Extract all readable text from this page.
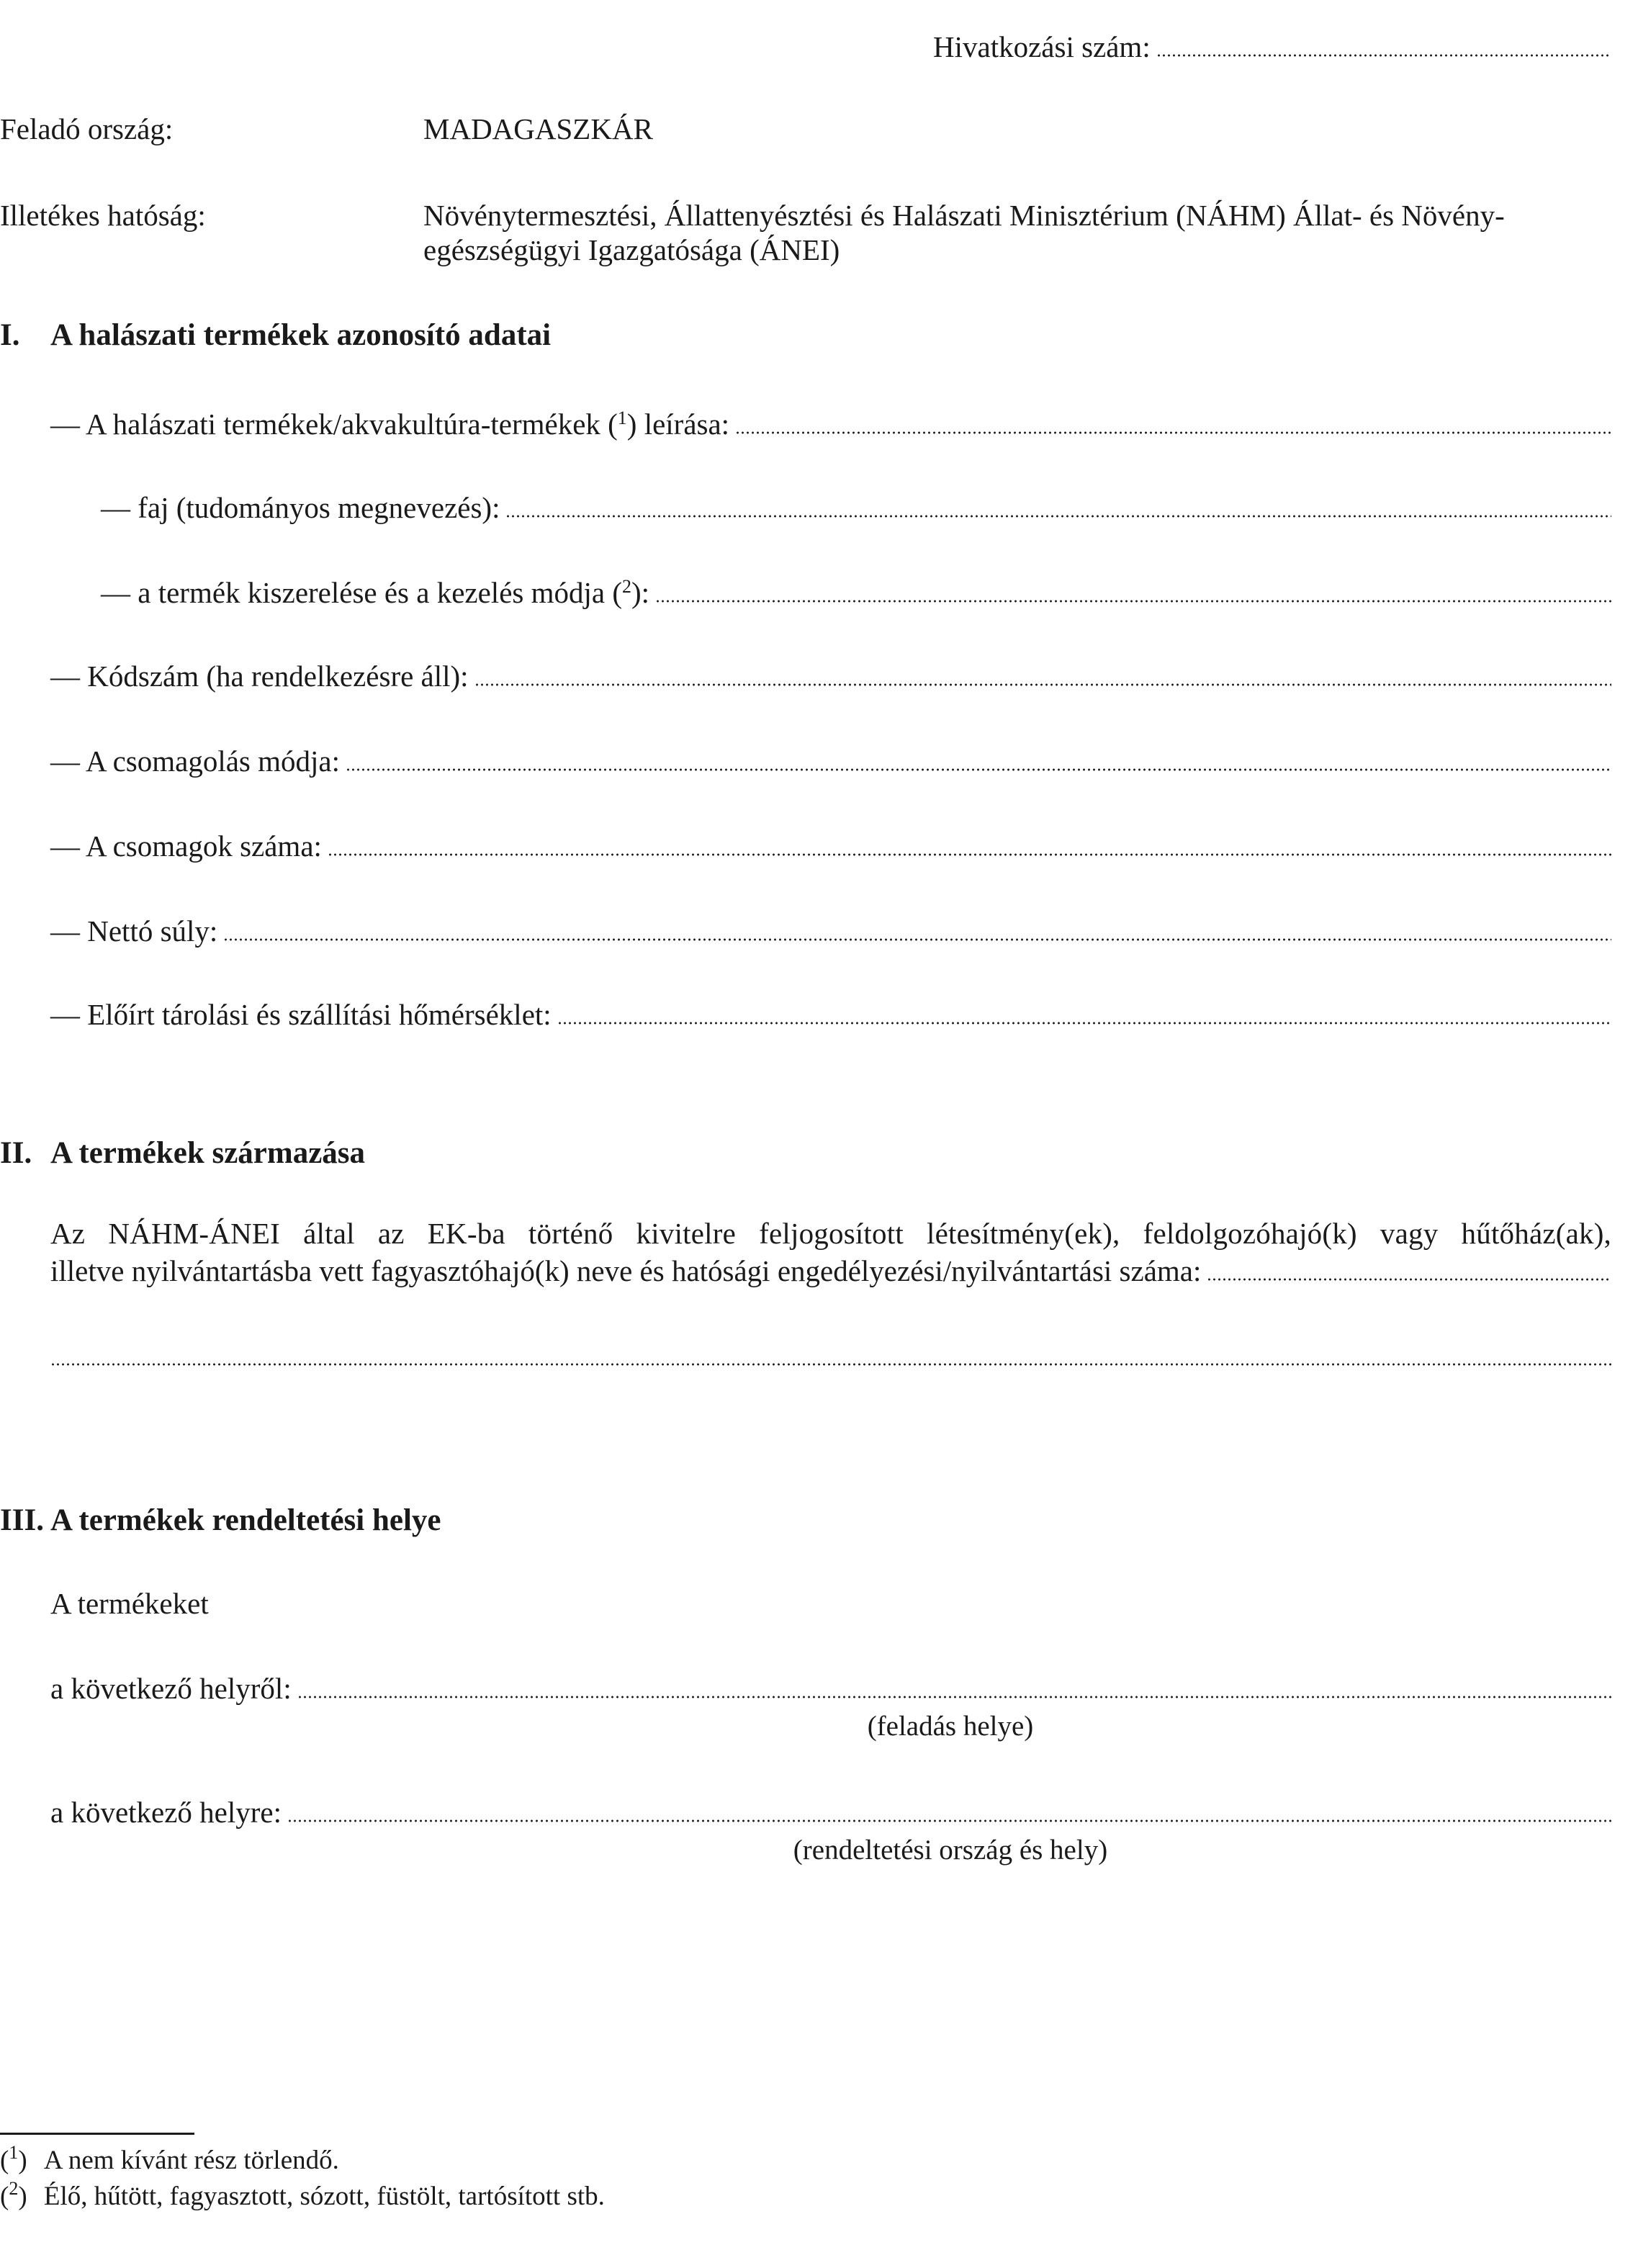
Hivatkozási szám:
Feladó ország:	MADAGASZKÁR
Illetékes hatóság:	Növénytermesztési, Állattenyésztési és Halászati Minisztérium (NÁHM) Állat- és Növény-
egészségügyi Igazgatósága (ÁNEI)
I. A halászati termékek azonosító adatai
— A halászati termékek/akvakultúra-termékek ($^1$) leírása:
— faj (tudományos megnevezés):
— a termék kiszerelése és a kezelés módja ($^2$):
— Kódszám (ha rendelkezésre áll):
— A csomagolás módja:
— A csomagok száma:
— Nettó súly:
— Előírt tárolási és szállítási hőmérséklet:
II. A termékek származása
Az NÁHM-ÁNEI által az EK-ba történő kivitelre feljogosított létesítmény(ek), feldolgozóhajó(k) vagy hűtőház(ak),
illetve nyilvántartásba vett fagyasztóhajó(k) neve és hatósági engedélyezési/nyilvántartási száma:
III. A termékek rendeltetési helye
A termékeket
a következő helyről:
(feladás helye)
a következő helyre:
(rendeltetési ország és hely)
($^1$) A nem kívánt rész törlendő.
($^2$) Élő, hűtött, fagyasztott, sózott, füstölt, tartósított stb.
